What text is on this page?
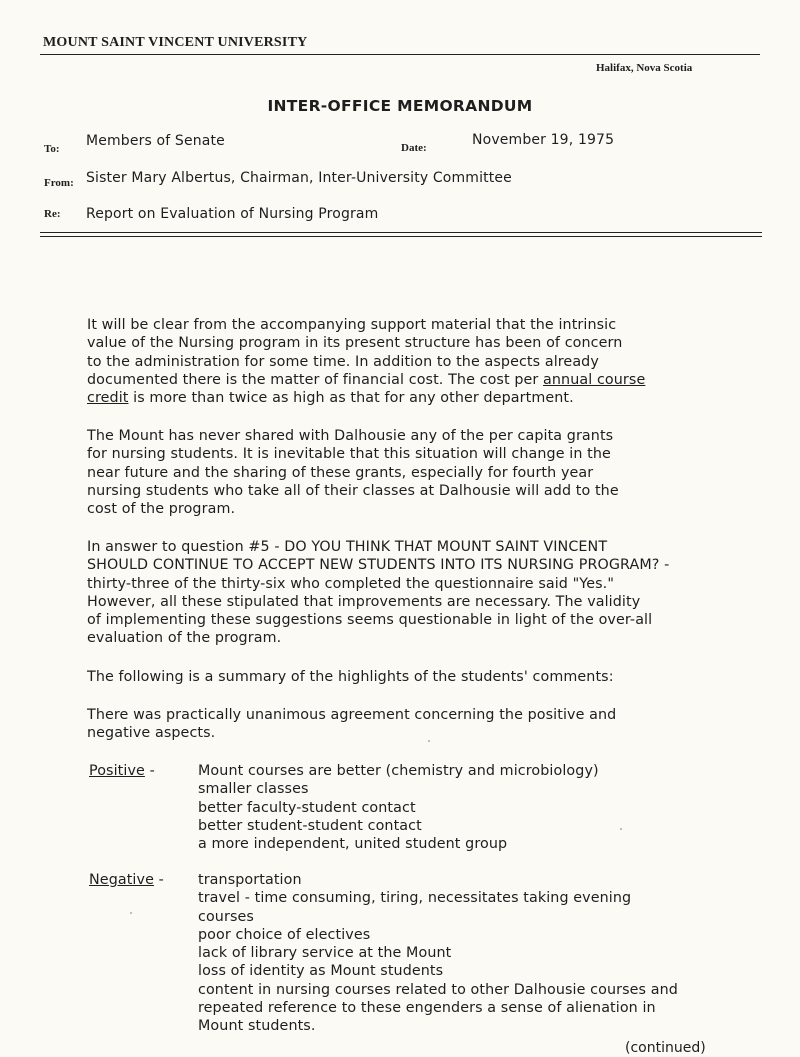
MOUNT SAINT VINCENT UNIVERSITY
Halifax, Nova Scotia
INTER-OFFICE MEMORANDUM
To: Members of Senate	Date:	November 19, 1975
From: Sister Mary Albertus, Chairman, Inter-University Committee
Re: Report on Evaluation of Nursing Program
It will be clear from the accompanying support material that the intrinsic
value of the Nursing program in its present structure has been of concern
to the administration for some time. In addition to the aspects already
documented there is the matter of financial cost. The cost per annual course
credit is more than twice as high as that for any other department.
The Mount has never shared with Dalhousie any of the per capita grants
for nursing students. It is inevitable that this situation will change in the
near future and the sharing of these grants, especially for fourth year
nursing students who take all of their classes at Dalhousie will add to the
cost of the program.
In answer to question #5 - DO YOU THINK THAT MOUNT SAINT VINCENT
SHOULD CONTINUE TO ACCEPT NEW STUDENTS INTO ITS NURSING PROGRAM? -
thirty-three of the thirty-six who completed the questionnaire said "Yes."
However, all these stipulated that improvements are necessary. The validity
of implementing these suggestions seems questionable in light of the over-all
evaluation of the program.
The following is a summary of the highlights of the students' comments:
There was practically unanimous agreement concerning the positive and
negative aspects.
Positive -	Mount courses are better (chemistry and microbiology)
smaller classes
better faculty-student contact
better student-student contact
a more independent, united student group
Negative - transportation
travel - time consuming, tiring, necessitates taking evening
courses
poor choice of electives
lack of library service at the Mount
loss of identity as Mount students
content in nursing courses related to other Dalhousie courses and
repeated reference to these engenders a sense of alienation in
Mount students.
(continued)
